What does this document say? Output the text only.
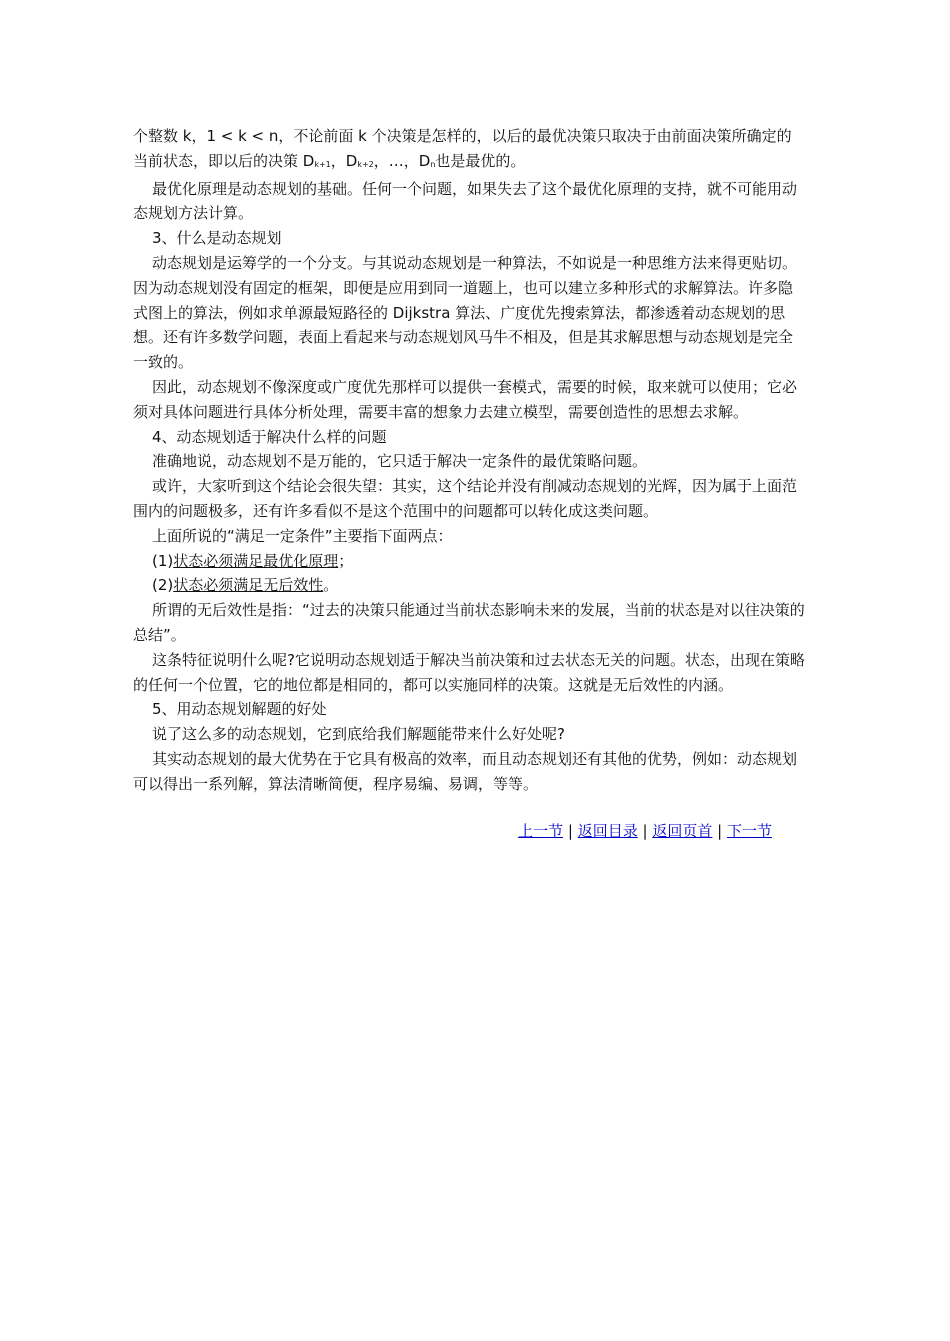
个整数 k，1 < k < n，不论前面 k 个决策是怎样的，以后的最优决策只取决于由前面决策所确定的当前状态，即以后的决策 $D_{k+1}$，$D_{k+2}$，…，$D_n$也是最优的。

最优化原理是动态规划的基础。任何一个问题，如果失去了这个最优化原理的支持，就不可能用动态规划方法计算。

3、什么是动态规划

动态规划是运筹学的一个分支。与其说动态规划是一种算法，不如说是一种思维方法来得更贴切。因为动态规划没有固定的框架，即便是应用到同一道题上，也可以建立多种形式的求解算法。许多隐式图上的算法，例如求单源最短路径的 Dijkstra 算法、广度优先搜索算法，都渗透着动态规划的思想。还有许多数学问题，表面上看起来与动态规划风马牛不相及，但是其求解思想与动态规划是完全一致的。

因此，动态规划不像深度或广度优先那样可以提供一套模式，需要的时候，取来就可以使用；它必须对具体问题进行具体分析处理，需要丰富的想象力去建立模型，需要创造性的思想去求解。

4、动态规划适于解决什么样的问题

准确地说，动态规划不是万能的，它只适于解决一定条件的最优策略问题。

或许，大家听到这个结论会很失望：其实，这个结论并没有削减动态规划的光辉，因为属于上面范围内的问题极多，还有许多看似不是这个范围中的问题都可以转化成这类问题。

上面所说的“满足一定条件”主要指下面两点：

(1)状态必须满足最优化原理；

(2)状态必须满足无后效性。

所谓的无后效性是指：“过去的决策只能通过当前状态影响未来的发展，当前的状态是对以往决策的总结”。

这条特征说明什么呢?它说明动态规划适于解决当前决策和过去状态无关的问题。状态，出现在策略的任何一个位置，它的地位都是相同的，都可以实施同样的决策。这就是无后效性的内涵。

5、用动态规划解题的好处

说了这么多的动态规划，它到底给我们解题能带来什么好处呢?

其实动态规划的最大优势在于它具有极高的效率，而且动态规划还有其他的优势，例如：动态规划可以得出一系列解，算法清晰简便，程序易编、易调，等等。

上一节 | 返回目录 | 返回页首 | 下一节
